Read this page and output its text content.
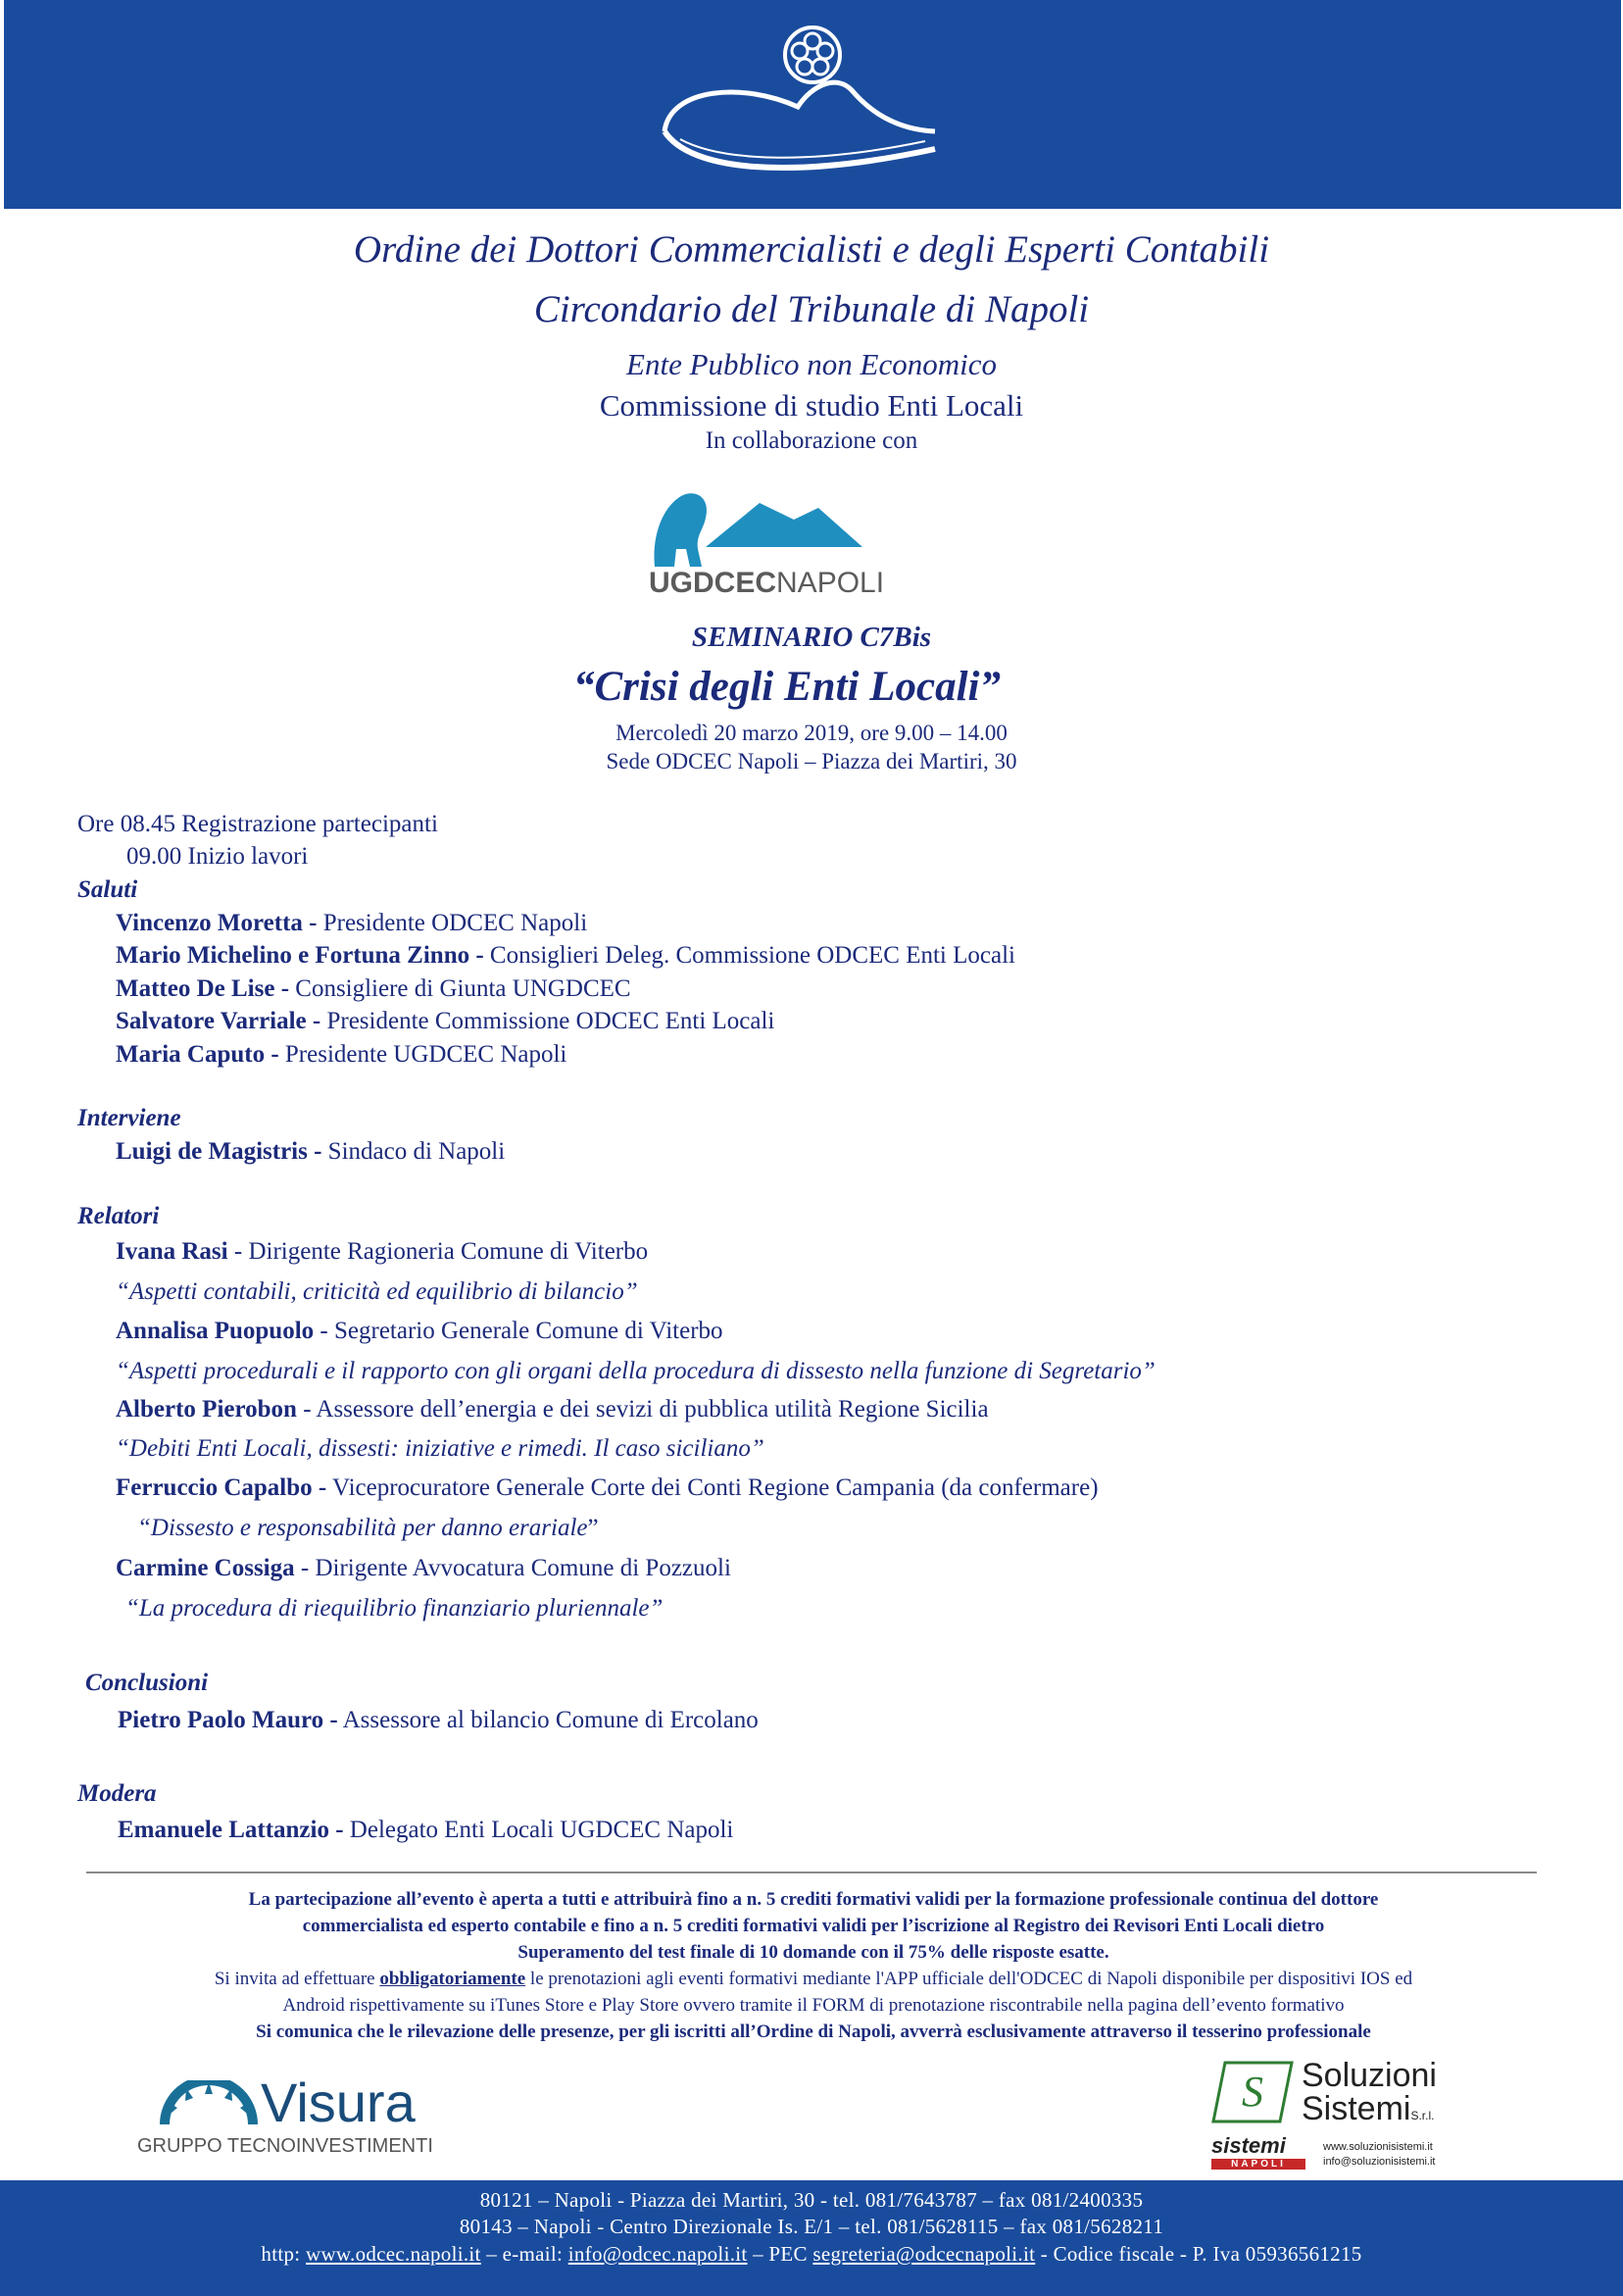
Ordine dei Dottori Commercialisti e degli Esperti Contabili
Circondario del Tribunale di Napoli
Ente Pubblico non Economico
Commissione di studio Enti Locali
In collaborazione con
UGDCECNAPOLI
SEMINARIO C7Bis
“Crisi degli Enti Locali”
Mercoledì 20 marzo 2019, ore 9.00 – 14.00
Sede ODCEC Napoli – Piazza dei Martiri, 30
Ore 08.45 Registrazione partecipanti
09.00 Inizio lavori
Saluti
Vincenzo Moretta - Presidente ODCEC Napoli
Mario Michelino e Fortuna Zinno - Consiglieri Deleg. Commissione ODCEC Enti Locali
Matteo De Lise - Consigliere di Giunta UNGDCEC
Salvatore Varriale - Presidente Commissione ODCEC Enti Locali
Maria Caputo - Presidente UGDCEC Napoli
Interviene
Luigi de Magistris - Sindaco di Napoli
Relatori
Ivana Rasi - Dirigente Ragioneria Comune di Viterbo
“Aspetti contabili, criticità ed equilibrio di bilancio”
Annalisa Puopuolo - Segretario Generale Comune di Viterbo
“Aspetti procedurali e il rapporto con gli organi della procedura di dissesto nella funzione di Segretario”
Alberto Pierobon - Assessore dell’energia e dei sevizi di pubblica utilità Regione Sicilia
“Debiti Enti Locali, dissesti: iniziative e rimedi. Il caso siciliano”
Ferruccio Capalbo - Viceprocuratore Generale Corte dei Conti Regione Campania (da confermare)
“Dissesto e responsabilità per danno erariale”
Carmine Cossiga - Dirigente Avvocatura Comune di Pozzuoli
“La procedura di riequilibrio finanziario pluriennale”
Conclusioni
Pietro Paolo Mauro - Assessore al bilancio Comune di Ercolano
Modera
Emanuele Lattanzio - Delegato Enti Locali UGDCEC Napoli
La partecipazione all’evento è aperta a tutti e attribuirà fino a n. 5 crediti formativi validi per la formazione professionale continua del dottore
commercialista ed esperto contabile e fino a n. 5 crediti formativi validi per l’iscrizione al Registro dei Revisori Enti Locali dietro
Superamento del test finale di 10 domande con il 75% delle risposte esatte.
Si invita ad effettuare obbligatoriamente le prenotazioni agli eventi formativi mediante l'APP ufficiale dell'ODCEC di Napoli disponibile per dispositivi IOS ed
Android rispettivamente su iTunes Store e Play Store ovvero tramite il FORM di prenotazione riscontrabile nella pagina dell’evento formativo
Si comunica che le rilevazione delle presenze, per gli iscritti all’Ordine di Napoli, avverrà esclusivamente attraverso il tesserino professionale
Visura
GRUPPO TECNOINVESTIMENTI
S Soluzioni
SistemiS.r.l.
sistemi
NAPOLI
www.soluzionisistemi.it
info@soluzionisistemi.it
80121 – Napoli - Piazza dei Martiri, 30 - tel. 081/7643787 – fax 081/2400335
80143 – Napoli - Centro Direzionale Is. E/1 – tel. 081/5628115 – fax 081/5628211
http: www.odcec.napoli.it – e-mail: info@odcec.napoli.it – PEC segreteria@odcecnapoli.it - Codice fiscale - P. Iva 05936561215
